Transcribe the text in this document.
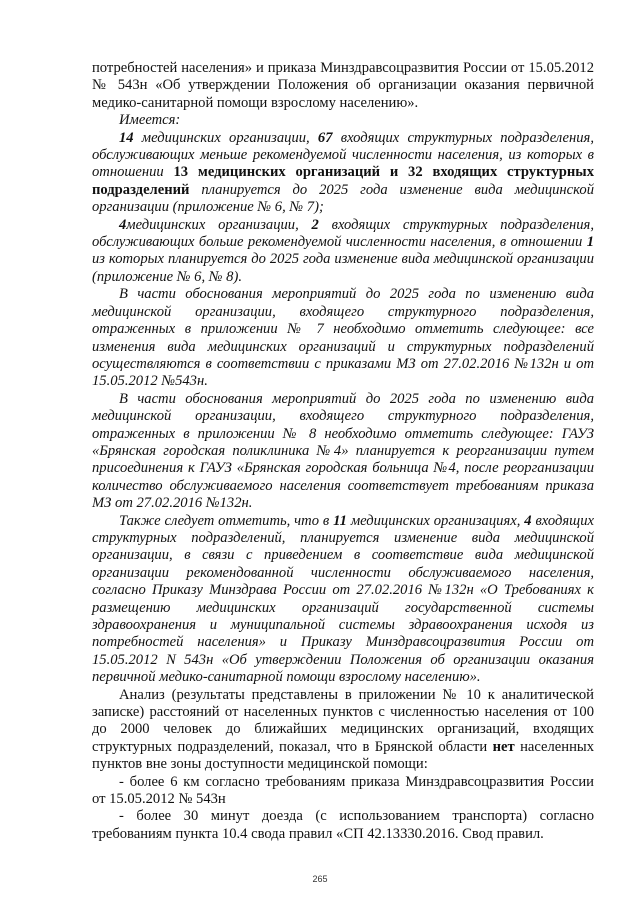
потребностей населения» и приказа Минздравсоцразвития России от 15.05.2012 № 543н «Об утверждении Положения об организации оказания первичной медико-санитарной помощи взрослому населению».

Имеется:

14 медицинских организации, 67 входящих структурных подразделения, обслуживающих меньше рекомендуемой численности населения, из которых в отношении 13 медицинских организаций и 32 входящих структурных подразделений планируется до 2025 года изменение вида медицинской организации (приложение № 6, № 7);

4медицинских организации, 2 входящих структурных подразделения, обслуживающих больше рекомендуемой численности населения, в отношении 1 из которых планируется до 2025 года изменение вида медицинской организации (приложение № 6, № 8).

В части обоснования мероприятий до 2025 года по изменению вида медицинской организации, входящего структурного подразделения, отраженных в приложении № 7 необходимо отметить следующее: все изменения вида медицинских организаций и структурных подразделений осуществляются в соответствии с приказами МЗ от 27.02.2016 №132н и от 15.05.2012 №543н.

В части обоснования мероприятий до 2025 года по изменению вида медицинской организации, входящего структурного подразделения, отраженных в приложении № 8 необходимо отметить следующее: ГАУЗ «Брянская городская поликлиника №4» планируется к реорганизации путем присоединения к ГАУЗ «Брянская городская больница №4, после реорганизации количество обслуживаемого населения соответствует требованиям приказа МЗ от 27.02.2016 №132н.

Также следует отметить, что в 11 медицинских организациях, 4 входящих структурных подразделений, планируется изменение вида медицинской организации, в связи с приведением в соответствие вида медицинской организации рекомендованной численности обслуживаемого населения, согласно Приказу Минздрава России от 27.02.2016 №132н «О Требованиях к размещению медицинских организаций государственной системы здравоохранения и муниципальной системы здравоохранения исходя из потребностей населения» и Приказу Минздравсоцразвития России от 15.05.2012 N 543н «Об утверждении Положения об организации оказания первичной медико-санитарной помощи взрослому населению».

Анализ (результаты представлены в приложении № 10 к аналитической записке) расстояний от населенных пунктов с численностью населения от 100 до 2000 человек до ближайших медицинских организаций, входящих структурных подразделений, показал, что в Брянской области нет населенных пунктов вне зоны доступности медицинской помощи:

- более 6 км согласно требованиям приказа Минздравсоцразвития России от 15.05.2012 № 543н

- более 30 минут доезда (с использованием транспорта) согласно требованиям пункта 10.4 свода правил «СП 42.13330.2016. Свод правил.

265
